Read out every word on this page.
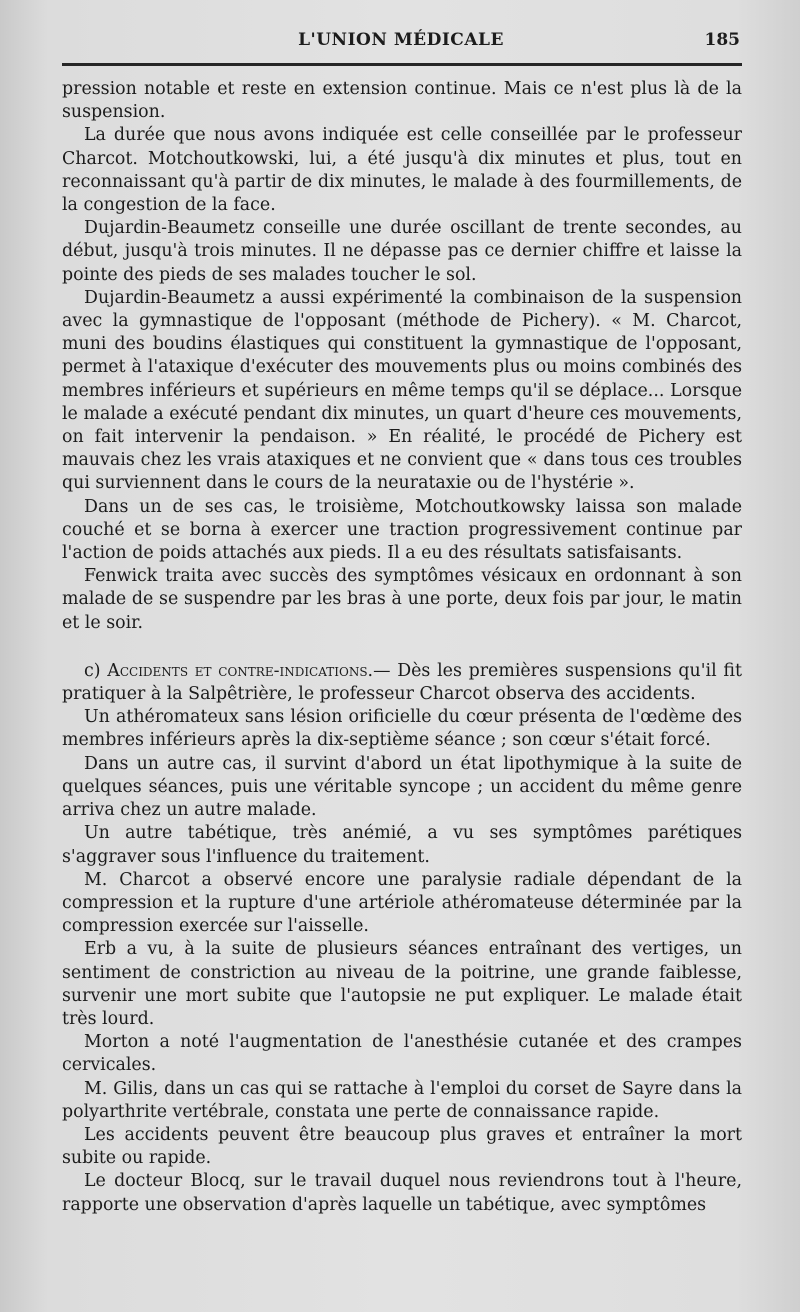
L'UNION MÉDICALE	185

pression notable et reste en extension continue. Mais ce n'est plus là de la suspension.

La durée que nous avons indiquée est celle conseillée par le professeur Charcot. Motchoutkowski, lui, a été jusqu'à dix minutes et plus, tout en reconnaissant qu'à partir de dix minutes, le malade à des fourmillements, de la congestion de la face.

Dujardin-Beaumetz conseille une durée oscillant de trente secondes, au début, jusqu'à trois minutes. Il ne dépasse pas ce dernier chiffre et laisse la pointe des pieds de ses malades toucher le sol.

Dujardin-Beaumetz a aussi expérimenté la combinaison de la suspension avec la gymnastique de l'opposant (méthode de Pichery). « M. Charcot, muni des boudins élastiques qui constituent la gymnastique de l'opposant, permet à l'ataxique d'exécuter des mouvements plus ou moins combinés des membres inférieurs et supérieurs en même temps qu'il se déplace... Lorsque le malade a exécuté pendant dix minutes, un quart d'heure ces mouvements, on fait intervenir la pendaison. » En réalité, le procédé de Pichery est mauvais chez les vrais ataxiques et ne convient que « dans tous ces troubles qui surviennent dans le cours de la neurataxie ou de l'hystérie ».

Dans un de ses cas, le troisième, Motchoutkowsky laissa son malade couché et se borna à exercer une traction progressivement continue par l'action de poids attachés aux pieds. Il a eu des résultats satisfaisants.

Fenwick traita avec succès des symptômes vésicaux en ordonnant à son malade de se suspendre par les bras à une porte, deux fois par jour, le matin et le soir.

c) Accidents et contre-indications.— Dès les premières suspensions qu'il fit pratiquer à la Salpêtrière, le professeur Charcot observa des accidents.

Un athéromateux sans lésion orificielle du cœur présenta de l'œdème des membres inférieurs après la dix-septième séance ; son cœur s'était forcé.

Dans un autre cas, il survint d'abord un état lipothymique à la suite de quelques séances, puis une véritable syncope ; un accident du même genre arriva chez un autre malade.

Un autre tabétique, très anémié, a vu ses symptômes parétiques s'aggraver sous l'influence du traitement.

M. Charcot a observé encore une paralysie radiale dépendant de la compression et la rupture d'une artériole athéromateuse déterminée par la compression exercée sur l'aisselle.

Erb a vu, à la suite de plusieurs séances entraînant des vertiges, un sentiment de constriction au niveau de la poitrine, une grande faiblesse, survenir une mort subite que l'autopsie ne put expliquer. Le malade était très lourd.

Morton a noté l'augmentation de l'anesthésie cutanée et des crampes cervicales.

M. Gilis, dans un cas qui se rattache à l'emploi du corset de Sayre dans la polyarthrite vertébrale, constata une perte de connaissance rapide.

Les accidents peuvent être beaucoup plus graves et entraîner la mort subite ou rapide.

Le docteur Blocq, sur le travail duquel nous reviendrons tout à l'heure, rapporte une observation d'après laquelle un tabétique, avec symptômes
